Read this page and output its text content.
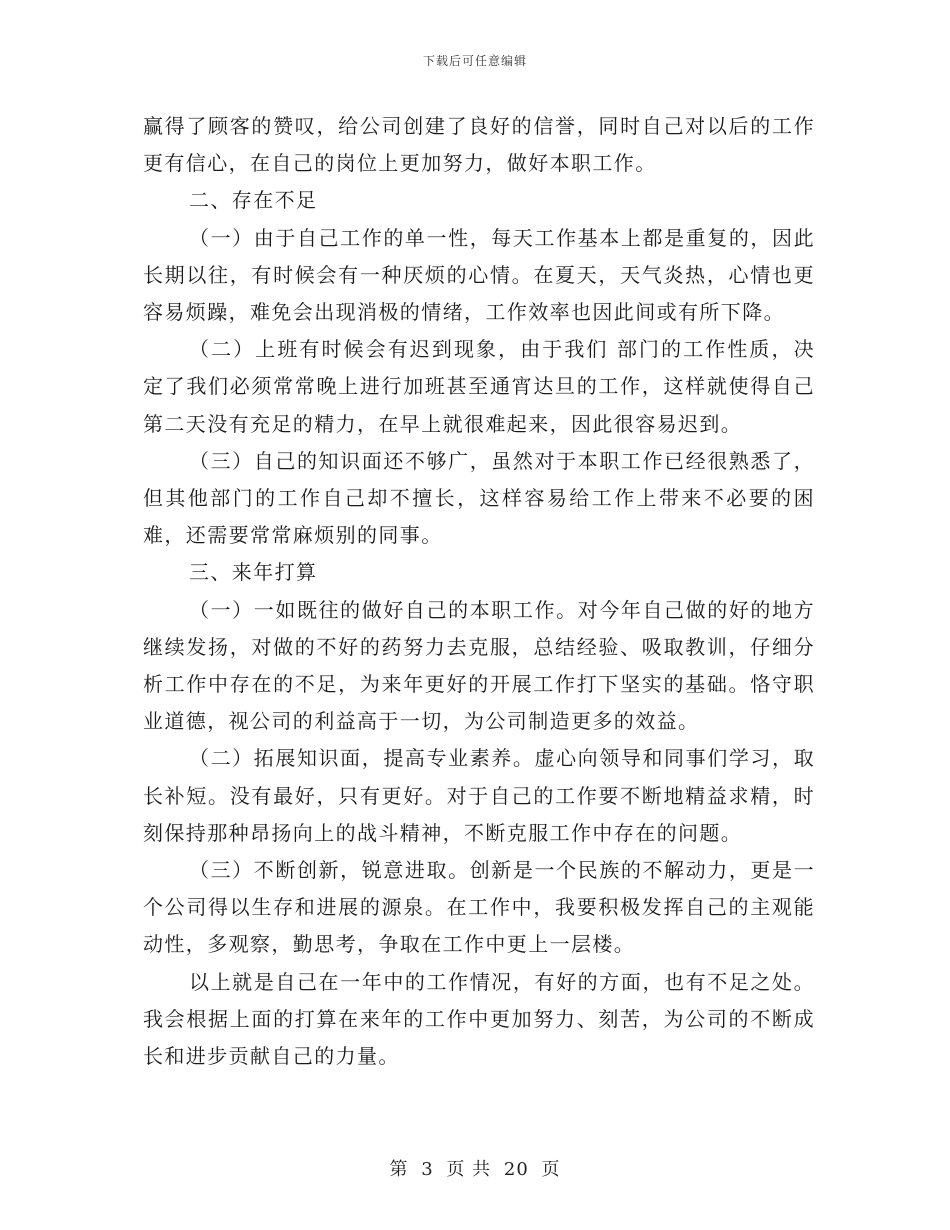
下载后可任意编辑

赢得了顾客的赞叹，给公司创建了良好的信誉，同时自己对以后的工作更有信心，在自己的岗位上更加努力，做好本职工作。

二、存在不足

（一）由于自己工作的单一性，每天工作基本上都是重复的，因此长期以往，有时候会有一种厌烦的心情。在夏天，天气炎热，心情也更容易烦躁，难免会出现消极的情绪，工作效率也因此间或有所下降。

（二）上班有时候会有迟到现象，由于我们 部门的工作性质，决定了我们必须常常晚上进行加班甚至通宵达旦的工作，这样就使得自己第二天没有充足的精力，在早上就很难起来，因此很容易迟到。

（三）自己的知识面还不够广，虽然对于本职工作已经很熟悉了，但其他部门的工作自己却不擅长，这样容易给工作上带来不必要的困难，还需要常常麻烦别的同事。

三、来年打算

（一）一如既往的做好自己的本职工作。对今年自己做的好的地方继续发扬，对做的不好的药努力去克服，总结经验、吸取教训，仔细分析工作中存在的不足，为来年更好的开展工作打下坚实的基础。恪守职业道德，视公司的利益高于一切，为公司制造更多的效益。

（二）拓展知识面，提高专业素养。虚心向领导和同事们学习，取长补短。没有最好，只有更好。对于自己的工作要不断地精益求精，时刻保持那种昂扬向上的战斗精神，不断克服工作中存在的问题。

（三）不断创新，锐意进取。创新是一个民族的不解动力，更是一个公司得以生存和进展的源泉。在工作中，我要积极发挥自己的主观能动性，多观察，勤思考，争取在工作中更上一层楼。

以上就是自己在一年中的工作情况，有好的方面，也有不足之处。我会根据上面的打算在来年的工作中更加努力、刻苦，为公司的不断成长和进步贡献自己的力量。

第 3 页 共 20 页
